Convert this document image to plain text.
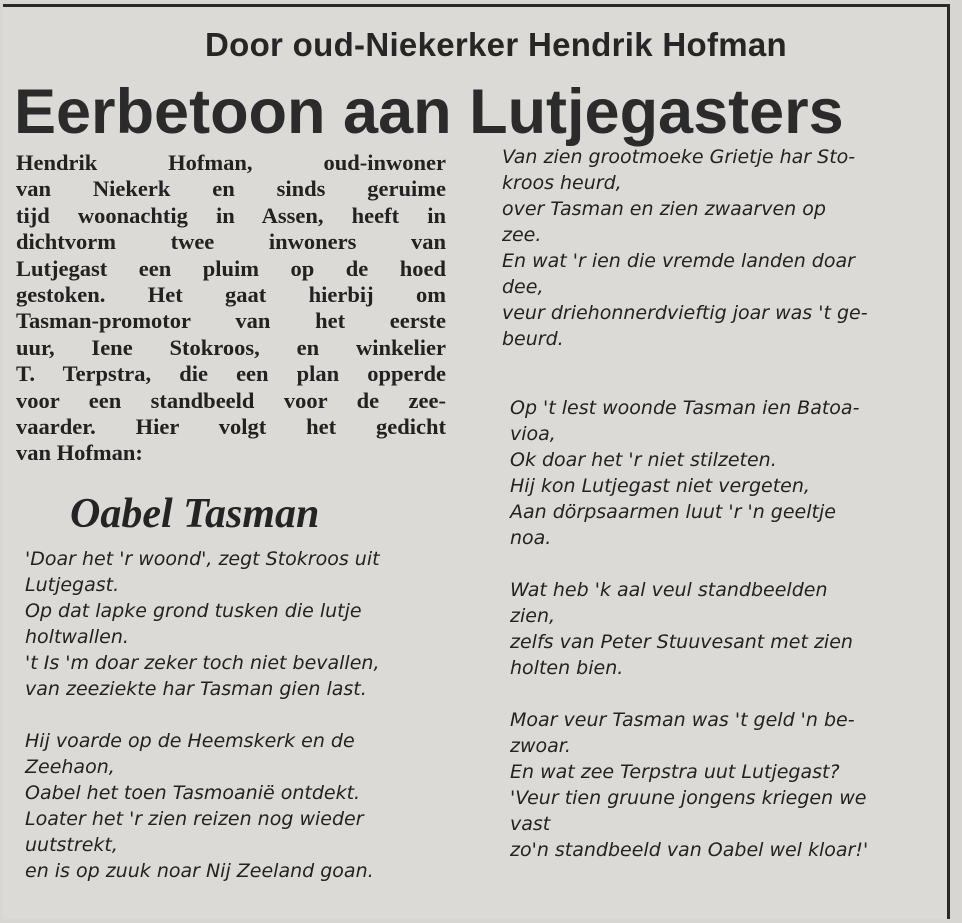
Door oud-Niekerker Hendrik Hofman
Eerbetoon aan Lutjegasters
Hendrik Hofman, oud-inwoner
van Niekerk en sinds geruime
tijd woonachtig in Assen, heeft in
dichtvorm twee inwoners van
Lutjegast een pluim op de hoed
gestoken. Het gaat hierbij om
Tasman-promotor van het eerste
uur, Iene Stokroos, en winkelier
T. Terpstra, die een plan opperde
voor een standbeeld voor de zee-
vaarder. Hier volgt het gedicht
van Hofman:
Oabel Tasman
'Doar het 'r woond', zegt Stokroos uit
Lutjegast.
Op dat lapke grond tusken die lutje
holtwallen.
't Is 'm doar zeker toch niet bevallen,
van zeeziekte har Tasman gien last.
Hij voarde op de Heemskerk en de
Zeehaon,
Oabel het toen Tasmoanië ontdekt.
Loater het 'r zien reizen nog wieder
uutstrekt,
en is op zuuk noar Nij Zeeland goan.
Van zien grootmoeke Grietje har Sto-
kroos heurd,
over Tasman en zien zwaarven op
zee.
En wat 'r ien die vremde landen doar
dee,
veur driehonnerdvieftig joar was 't ge-
beurd.
Op 't lest woonde Tasman ien Batoa-
vioa,
Ok doar het 'r niet stilzeten.
Hij kon Lutjegast niet vergeten,
Aan dörpsaarmen luut 'r 'n geeltje
noa.
Wat heb 'k aal veul standbeelden
zien,
zelfs van Peter Stuuvesant met zien
holten bien.
Moar veur Tasman was 't geld 'n be-
zwoar.
En wat zee Terpstra uut Lutjegast?
'Veur tien gruune jongens kriegen we
vast
zo'n standbeeld van Oabel wel kloar!'
